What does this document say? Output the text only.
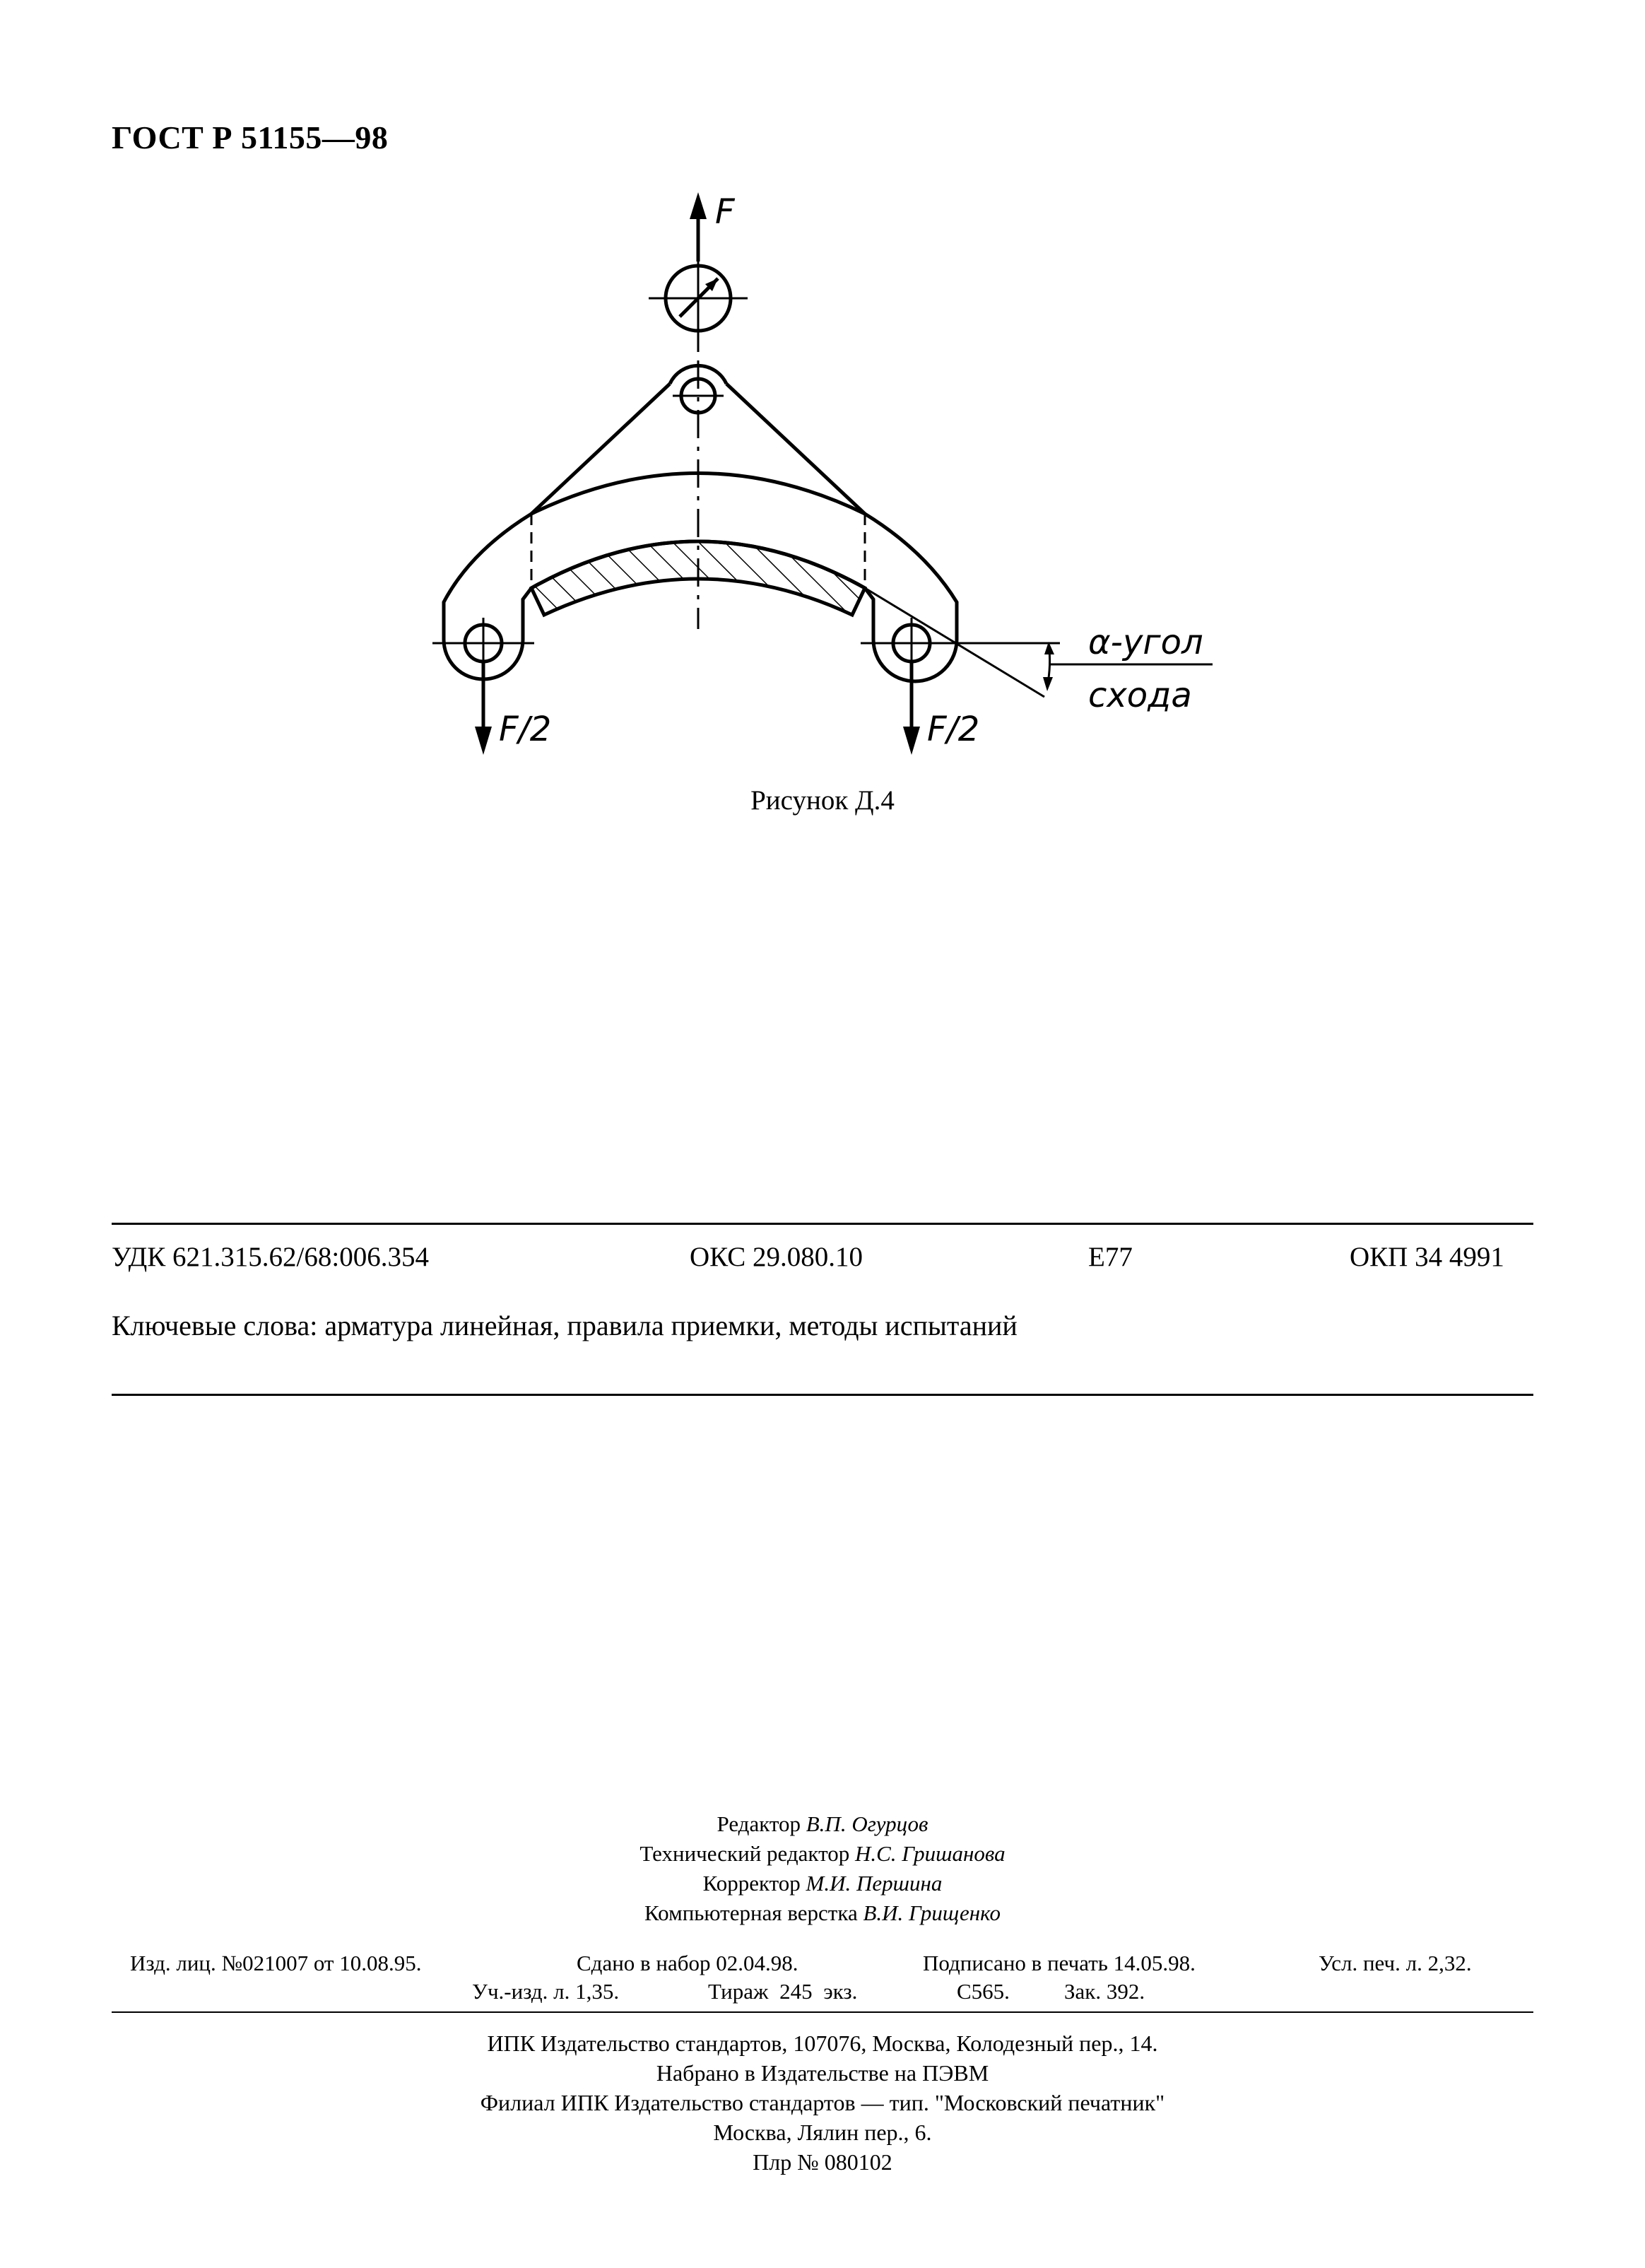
ГОСТ Р 51155—98
F
F/2	F/2
α-угол
схода
Рисунок Д.4
УДК 621.315.62/68:006.354	ОКС 29.080.10	Е77	ОКП 34 4991
Ключевые слова: арматура линейная, правила приемки, методы испытаний
Редактор В.П. Огурцов
Технический редактор Н.С. Гришанова
Корректор М.И. Першина
Компьютерная верстка В.И. Грищенко
Изд. лиц. №021007 от 10.08.95.	Сдано в набор 02.04.98.	Подписано в печать 14.05.98.	Усл. печ. л. 2,32.
Уч.-изд. л. 1,35.	Тираж 245 экз.	С565. Зак. 392.
ИПК Издательство стандартов, 107076, Москва, Колодезный пер., 14.
Набрано в Издательстве на ПЭВМ
Филиал ИПК Издательство стандартов — тип. "Московский печатник"
Москва, Лялин пер., 6.
Плр № 080102
